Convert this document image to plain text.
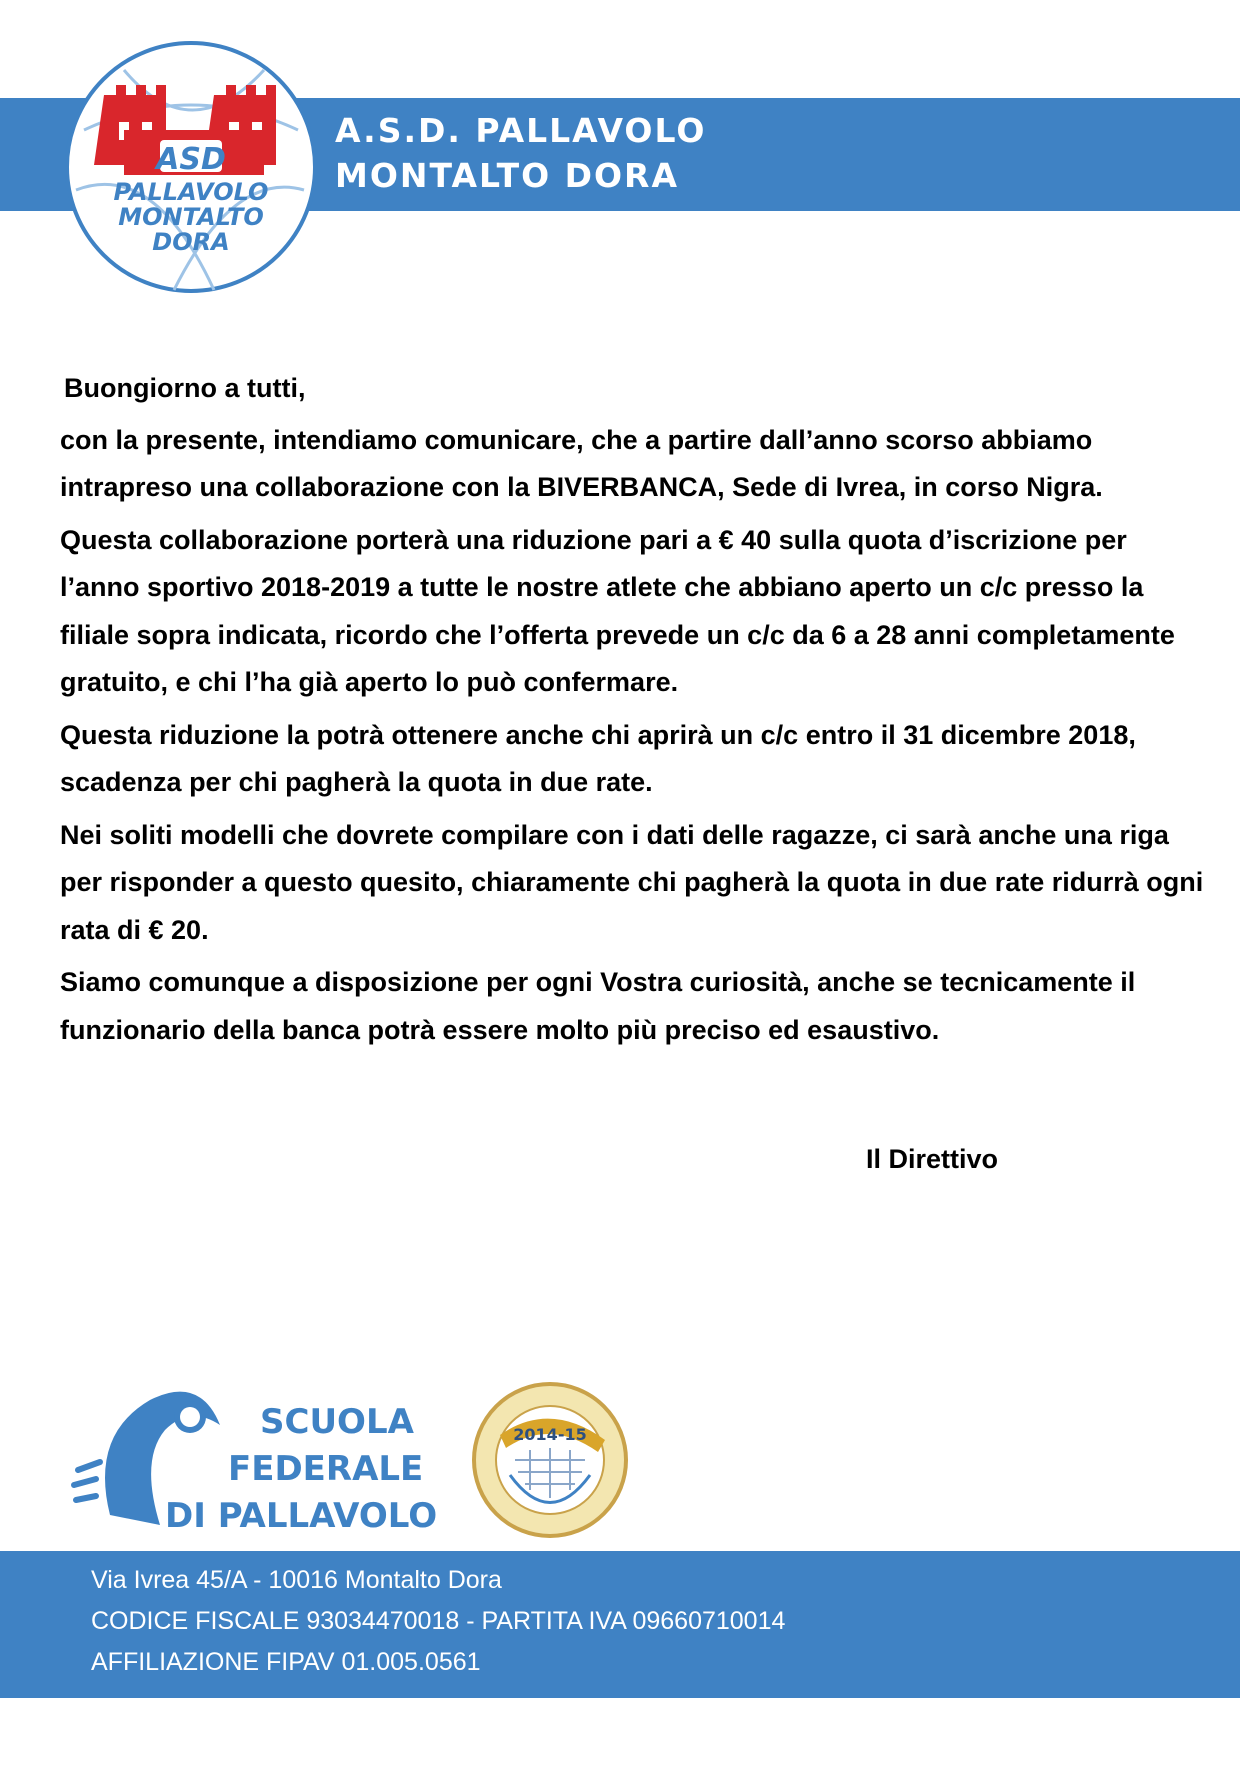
A.S.D. PALLAVOLO
MONTALTO DORA
ASD
PALLAVOLO
MONTALTO
DORA

Buongiorno a tutti,

con la presente, intendiamo comunicare, che a partire dall’anno scorso abbiamo intrapreso una collaborazione con la BIVERBANCA, Sede di Ivrea, in corso Nigra.

Questa collaborazione porterà una riduzione pari a € 40 sulla quota d’iscrizione per l’anno sportivo 2018-2019 a tutte le nostre atlete che abbiano aperto un c/c presso la filiale sopra indicata, ricordo che l’offerta prevede un c/c da 6 a 28 anni completamente gratuito, e chi l’ha già aperto lo può confermare.

Questa riduzione la potrà ottenere anche chi aprirà un c/c entro il 31 dicembre 2018, scadenza per chi pagherà la quota in due rate.

Nei soliti modelli che dovrete compilare con i dati delle ragazze, ci sarà anche una riga per risponder a questo quesito, chiaramente chi pagherà la quota in due rate ridurrà ogni rata di € 20.

Siamo comunque a disposizione per ogni Vostra curiosità, anche se tecnicamente il funzionario della banca potrà essere molto più preciso ed esaustivo.

Il Direttivo
SCUOLA
FEDERALE
DI PALLAVOLO
2014-15
Via Ivrea 45/A - 10016 Montalto Dora
CODICE FISCALE 93034470018 - PARTITA IVA 09660710014
AFFILIAZIONE FIPAV 01.005.0561
